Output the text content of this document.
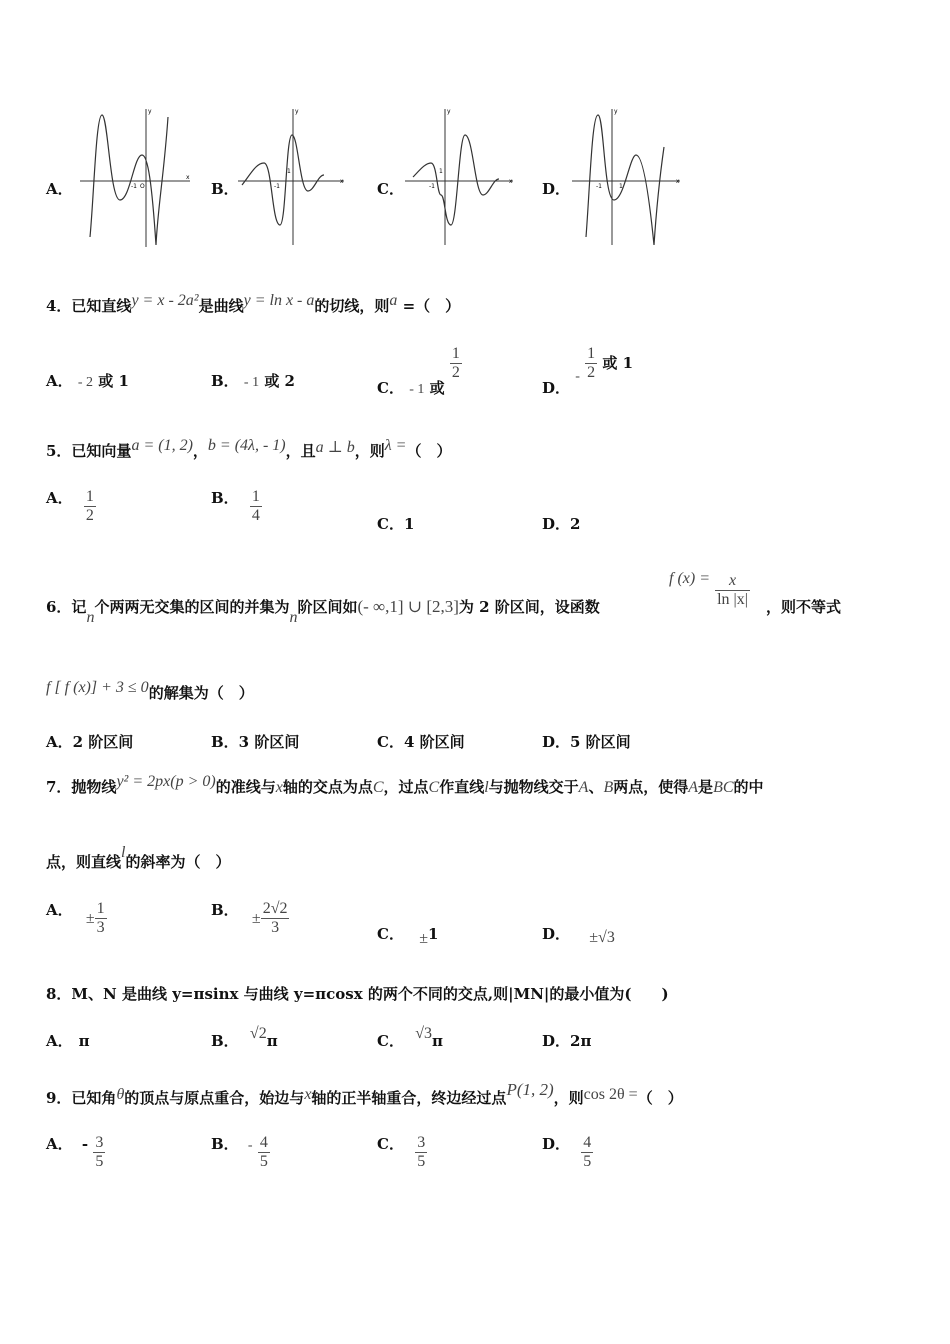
A．	B．	C．	D．
x
y
-1 O
x
y
-1
1
x
y
-1
1
x
y
-1	1
4．已知直线y = x - 2a²是曲线y = ln x - a的切线，则a =（　）
A． - 2 或 1	B． - 1 或 2	C． - 1 或
$\frac{1}{2}$
D． - $\frac{1}{2}$ 或 1
5．已知向量a = (1, 2)，b = (4λ, - 1)，且a ⊥ b，则λ =（　）
A． $\frac{1}{2}$	B． $\frac{1}{4}$	C．1	D．2
6．记n个两两无交集的区间的并集为n阶区间如(- ∞,1] ∪ [2,3]为 2 阶区间，设函数
f $(x) = \frac{x}{\ln |x|}$ ，则不等式
f [ f (x)] + 3 ≤ 0的解集为（　）
A．2 阶区间	B．3 阶区间	C．4 阶区间	D．5 阶区间
7．抛物线y² = 2px(p > 0)的准线与x轴的交点为点C，过点C作直线l与抛物线交于A、B两点，使得A是BC的中
点，则直线l的斜率为（　）
A． ± $\frac{1}{3}$	B． ± $\frac{2√2}{3}$	C． ±1	D． ±√3
8．M、N 是曲线 y=πsinx 与曲线 y=πcosx 的两个不同的交点,则|MN|的最小值为(　　)
A． π	B． √2π	C． √3π	D．2π
9．已知角θ的顶点与原点重合，始边与x轴的正半轴重合，终边经过点P(1, 2)，则cos 2θ =（　）
A． - $\frac{3}{5}$	B． - $\frac{4}{5}$	C． $\frac{3}{5}$	D． $\frac{4}{5}$
